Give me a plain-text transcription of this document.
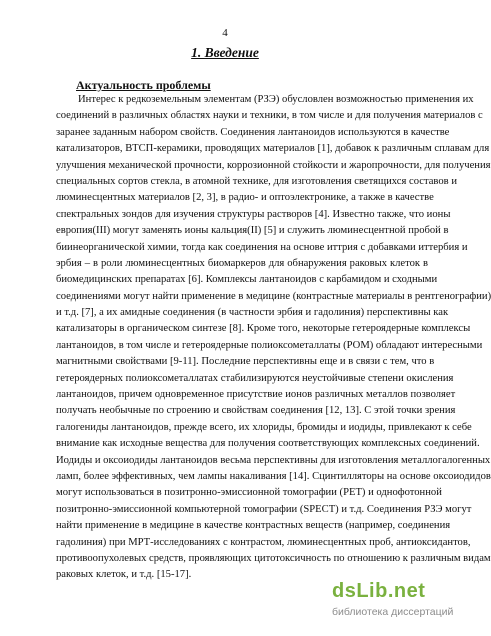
4
1. Введение
Актуальность проблемы
Интерес к редкоземельным элементам (РЗЭ) обусловлен возможностью применения их
соединений в различных областях науки и техники, в том числе и для получения материалов с
заранее заданным набором свойств. Соединения лантаноидов используются в качестве
катализаторов, ВТСП-керамики, проводящих материалов [1], добавок к различным сплавам для
улучшения механической прочности, коррозионной стойкости и жаропрочности, для получения
специальных сортов стекла, в атомной технике, для изготовления светящихся составов и
люминесцентных материалов [2, 3], в радио- и оптоэлектронике, а также в качестве
спектральных зондов для изучения структуры растворов [4]. Известно также, что ионы
европия(III) могут заменять ионы кальция(II) [5] и служить люминесцентной пробой в
биинеорганической химии, тогда как соединения на основе иттрия с добавками иттербия и
эрбия – в роли люминесцентных биомаркеров для обнаружения раковых клеток в
биомедицинских препаратах [6]. Комплексы лантаноидов с карбамидом и сходными
соединениями могут найти применение в медицине (контрастные материалы в рентгенографии)
и т.д. [7], а их амидные соединения (в частности эрбия и гадолиния) перспективны как
катализаторы в органическом синтезе [8]. Кроме того, некоторые гетероядерные комплексы
лантаноидов, в том числе и гетероядерные полиоксометаллаты (РОМ) обладают интересными
магнитными свойствами [9-11]. Последние перспективны еще и в связи с тем, что в
гетероядерных полиоксометаллатах стабилизируются неустойчивые степени окисления
лантаноидов, причем одновременное присутствие ионов различных металлов позволяет
получать необычные по строению и свойствам соединения [12, 13]. С этой точки зрения
галогениды лантаноидов, прежде всего, их хлориды, бромиды и иодиды, привлекают к себе
внимание как исходные вещества для получения соответствующих комплексных соединений.
Иодиды и оксоиодиды лантаноидов весьма перспективны для изготовления металлогалогенных
ламп, более эффективных, чем лампы накаливания [14]. Сцинтилляторы на основе оксоиодидов
могут использоваться в позитронно-эмиссионной томографии (PET) и однофотонной
позитронно-эмиссионной компьютерной томографии (SPECT) и т.д. Соединения РЗЭ могут
найти применение в медицине в качестве контрастных веществ (например, соединения
гадолиния) при МРТ-исследованиях с контрастом, люминесцентных проб, антиоксидантов,
противоопухолевых средств, проявляющих цитотоксичность по отношению к различным видам
раковых клеток, и т.д. [15-17].
dsLib.net
библиотека диссертаций
